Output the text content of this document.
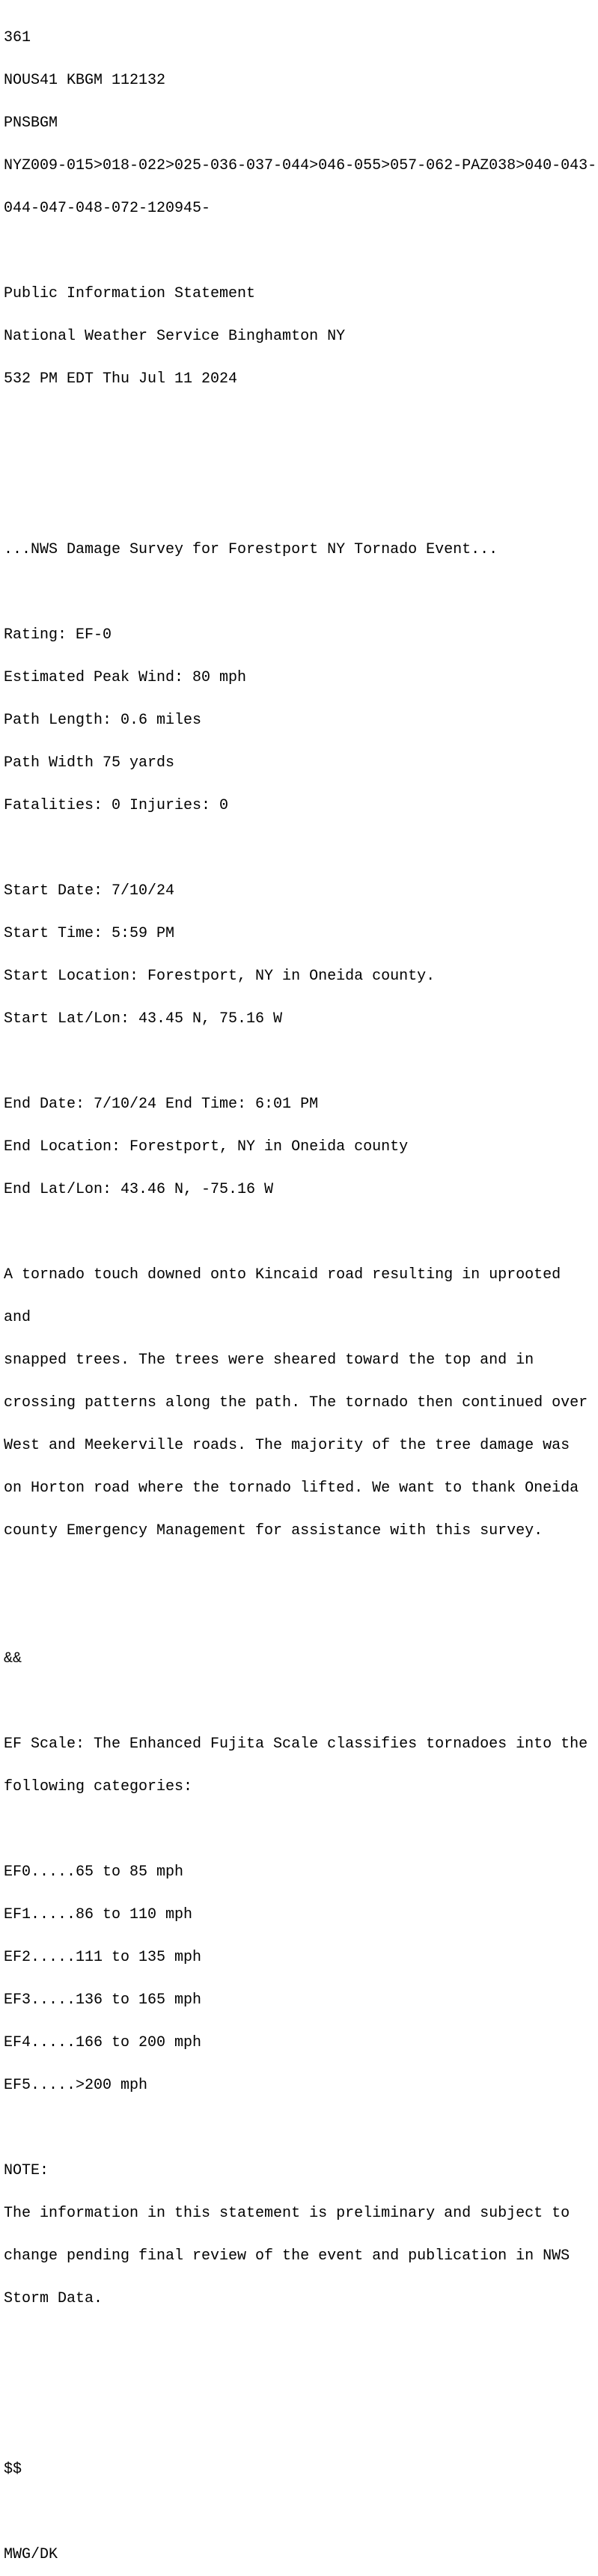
361

NOUS41 KBGM 112132

PNSBGM

NYZ009-015>018-022>025-036-037-044>046-055>057-062-PAZ038>040-043-

044-047-048-072-120945-

Public Information Statement

National Weather Service Binghamton NY

532 PM EDT Thu Jul 11 2024

...NWS Damage Survey for Forestport NY Tornado Event...

Rating: EF-0

Estimated Peak Wind: 80 mph

Path Length: 0.6 miles

Path Width 75 yards

Fatalities: 0 Injuries: 0

Start Date: 7/10/24

Start Time: 5:59 PM

Start Location: Forestport, NY in Oneida county.

Start Lat/Lon: 43.45 N, 75.16 W

End Date: 7/10/24 End Time: 6:01 PM

End Location: Forestport, NY in Oneida county

End Lat/Lon: 43.46 N, -75.16 W

A tornado touch downed onto Kincaid road resulting in uprooted

and

snapped trees. The trees were sheared toward the top and in

crossing patterns along the path. The tornado then continued over

West and Meekerville roads. The majority of the tree damage was

on Horton road where the tornado lifted. We want to thank Oneida

county Emergency Management for assistance with this survey.

&&

EF Scale: The Enhanced Fujita Scale classifies tornadoes into the

following categories:

EF0.....65 to 85 mph

EF1.....86 to 110 mph

EF2.....111 to 135 mph

EF3.....136 to 165 mph

EF4.....166 to 200 mph

EF5.....>200 mph

NOTE:

The information in this statement is preliminary and subject to

change pending final review of the event and publication in NWS

Storm Data.

$$

MWG/DK
